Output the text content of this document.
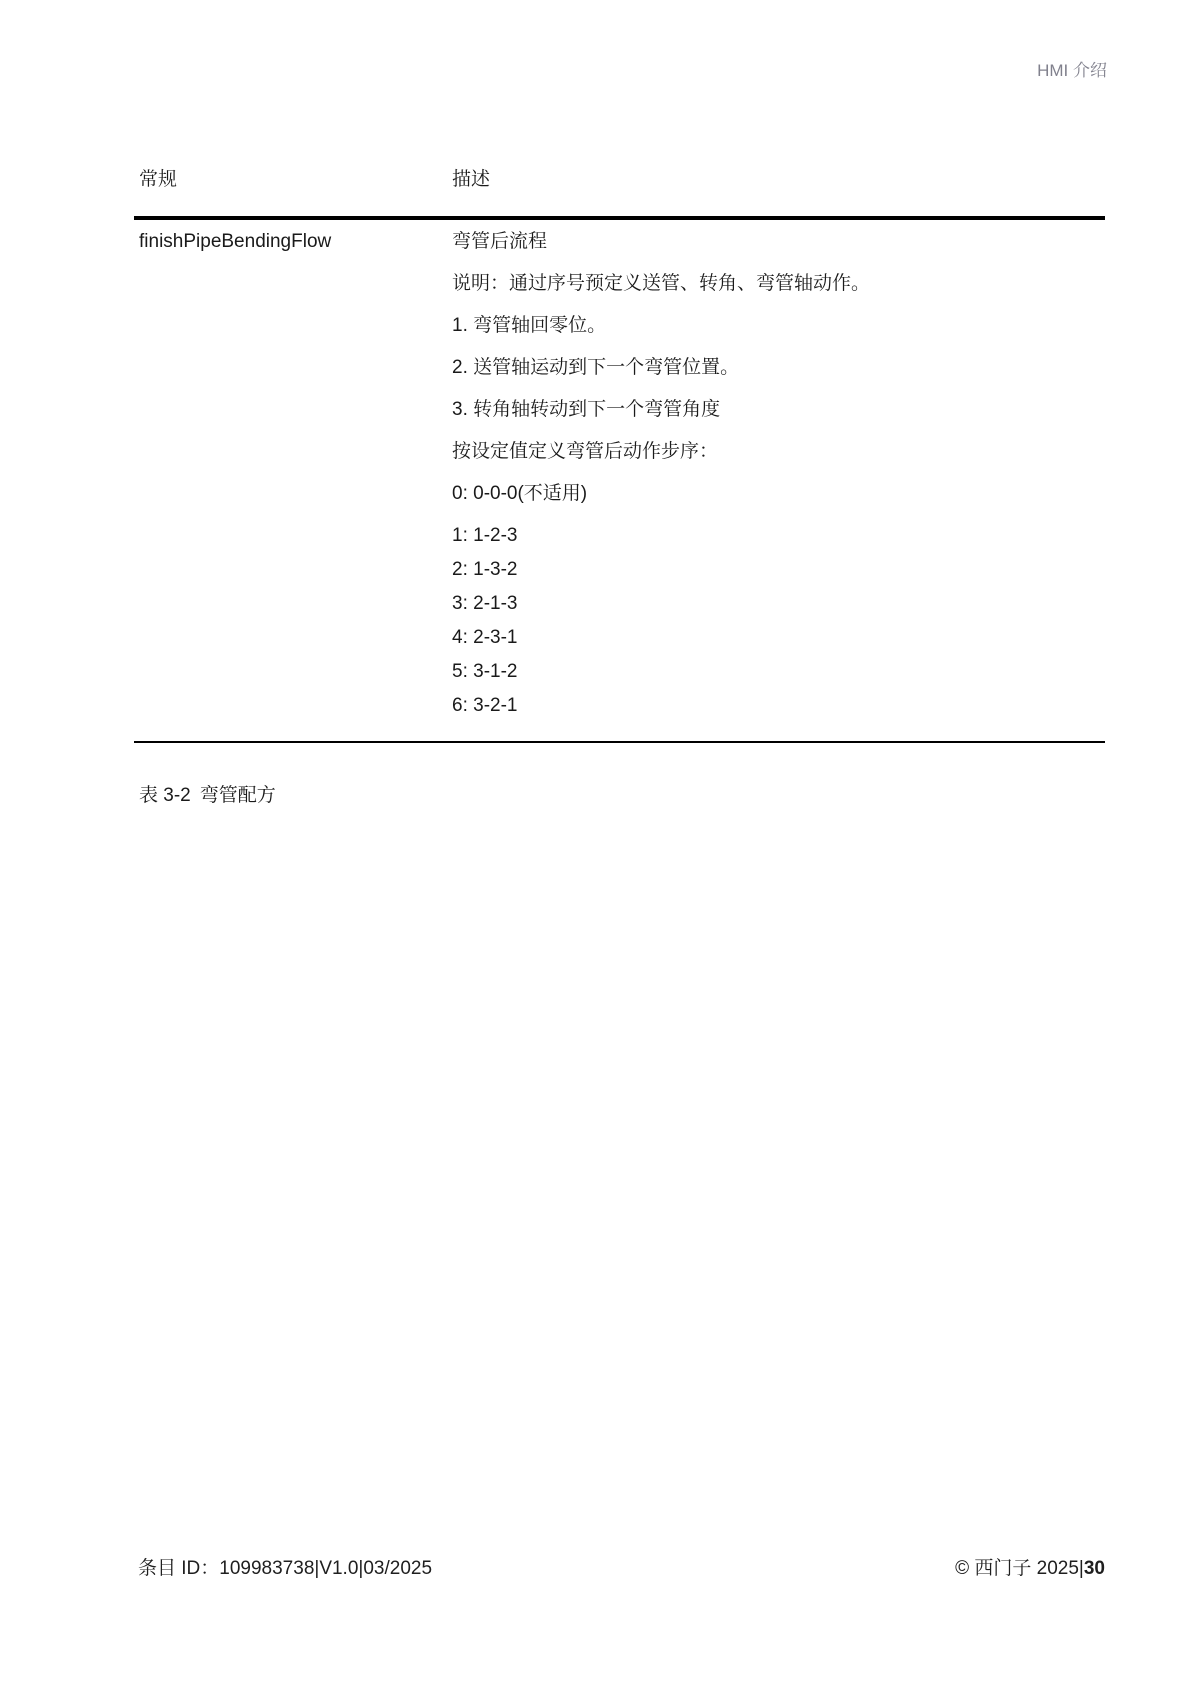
HMI 介绍
常规	描述
finishPipeBendingFlow	弯管后流程

说明：通过序号预定义送管、转角、弯管轴动作。

1. 弯管轴回零位。

2. 送管轴运动到下一个弯管位置。

3. 转角轴转动到下一个弯管角度

按设定值定义弯管后动作步序：

0: 0-0-0(不适用)

1: 1-2-3

2: 1-3-2

3: 2-1-3

4: 2-3-1

5: 3-1-2

6: 3-2-1

表 3-2 弯管配方
条目 ID：109983738|V1.0|03/2025	© 西门子 2025|30
